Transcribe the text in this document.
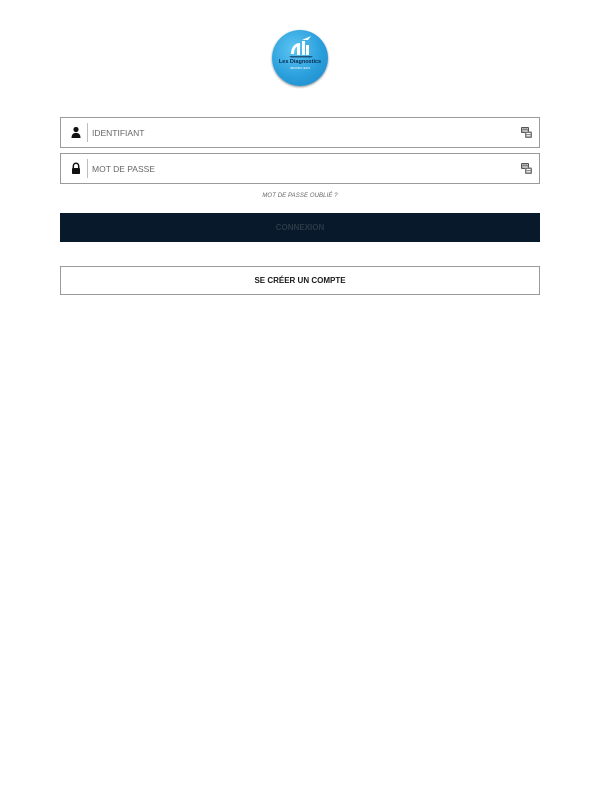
Les Diagnostics
IMMOBILIERS
IDENTIFIANT
MOT DE PASSE OUBLIÉ ?
CONNEXION
SE CRÉER UN COMPTE
